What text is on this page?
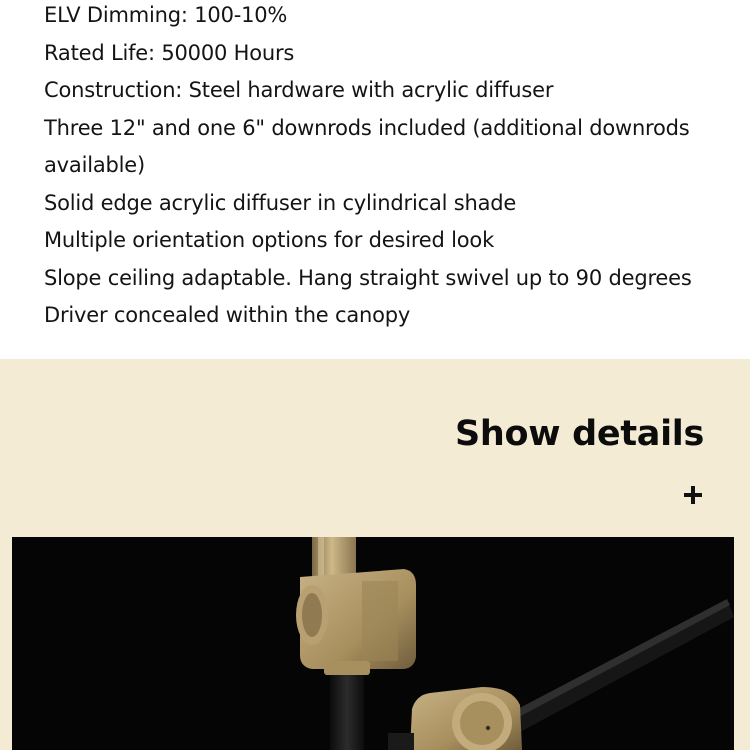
ELV Dimming: 100-10%
Rated Life: 50000 Hours
Construction: Steel hardware with acrylic diffuser
Three 12" and one 6" downrods included (additional downrods available)
Solid edge acrylic diffuser in cylindrical shade
Multiple orientation options for desired look
Slope ceiling adaptable. Hang straight swivel up to 90 degrees
Driver concealed within the canopy
Show details
